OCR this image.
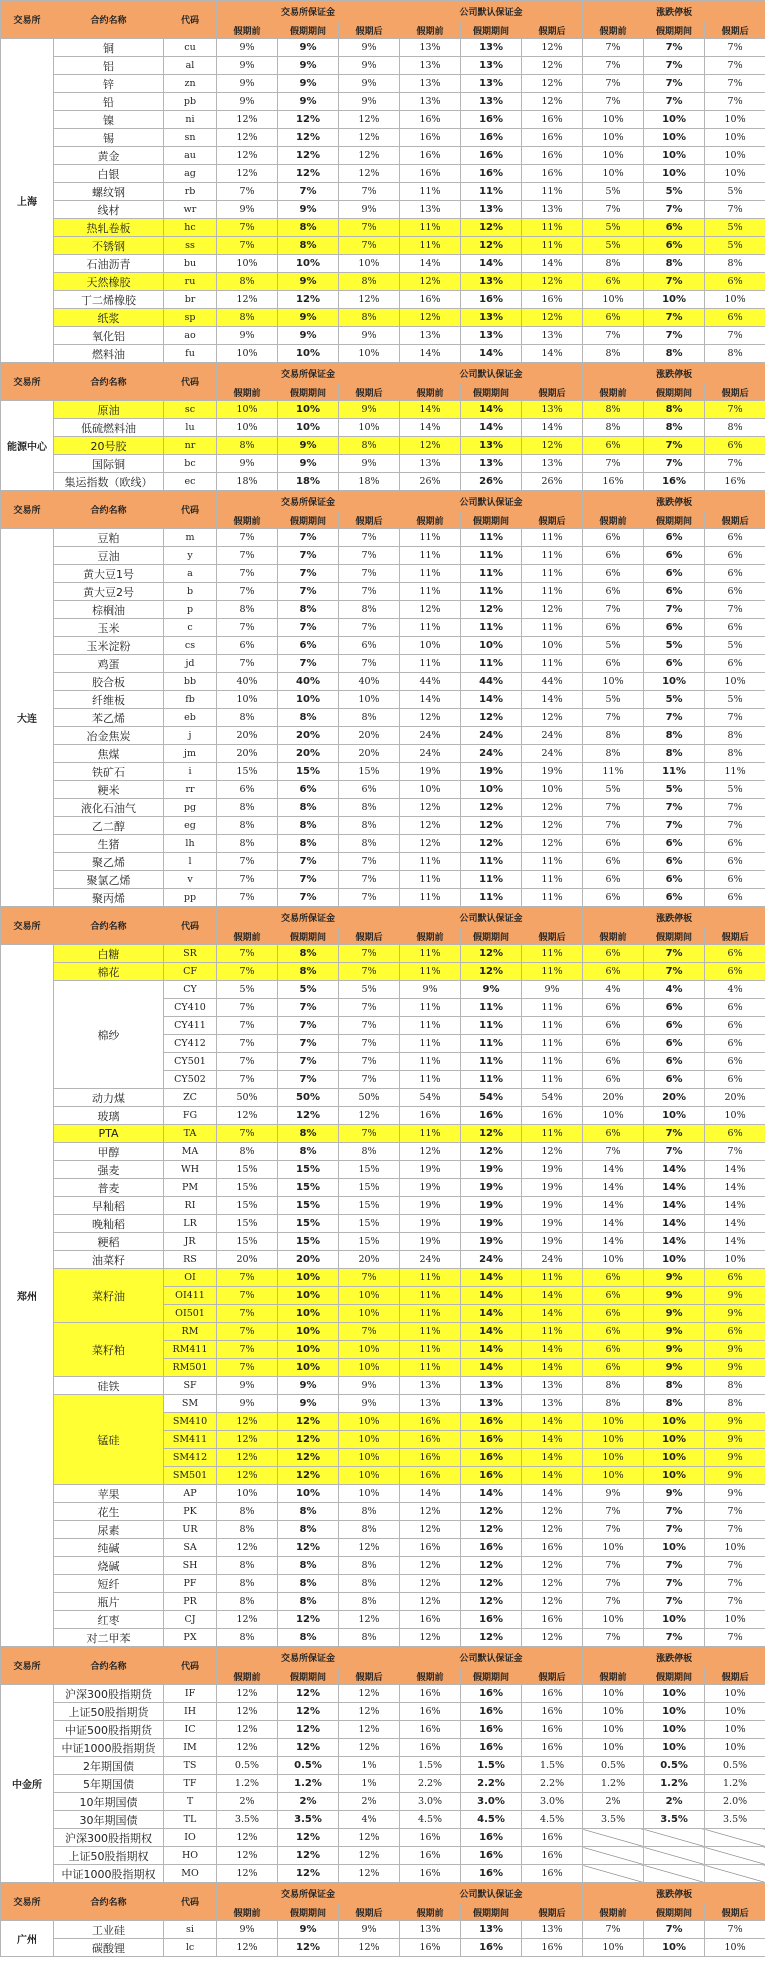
交易所	合约名称	代码	交易所保证金			公司默认保证金			涨跌停板		
			假期前	假期期间	假期后	假期前	假期期间	假期后	假期前	假期期间	假期后
上海	铜	cu	9%	9%	9%	13%	13%	12%	7%	7%	7%
	铝	al	9%	9%	9%	13%	13%	12%	7%	7%	7%
	锌	zn	9%	9%	9%	13%	13%	12%	7%	7%	7%
	铅	pb	9%	9%	9%	13%	13%	12%	7%	7%	7%
	镍	ni	12%	12%	12%	16%	16%	16%	10%	10%	10%
	锡	sn	12%	12%	12%	16%	16%	16%	10%	10%	10%
	黄金	au	12%	12%	12%	16%	16%	16%	10%	10%	10%
	白银	ag	12%	12%	12%	16%	16%	16%	10%	10%	10%
	螺纹钢	rb	7%	7%	7%	11%	11%	11%	5%	5%	5%
	线材	wr	9%	9%	9%	13%	13%	13%	7%	7%	7%
	热轧卷板	hc	7%	8%	7%	11%	12%	11%	5%	6%	5%
	不锈钢	ss	7%	8%	7%	11%	12%	11%	5%	6%	5%
	石油沥青	bu	10%	10%	10%	14%	14%	14%	8%	8%	8%
	天然橡胶	ru	8%	9%	8%	12%	13%	12%	6%	7%	6%
	丁二烯橡胶	br	12%	12%	12%	16%	16%	16%	10%	10%	10%
	纸浆	sp	8%	9%	8%	12%	13%	12%	6%	7%	6%
	氧化铝	ao	9%	9%	9%	13%	13%	13%	7%	7%	7%
	燃料油	fu	10%	10%	10%	14%	14%	14%	8%	8%	8%
交易所	合约名称	代码	交易所保证金			公司默认保证金			涨跌停板		
			假期前	假期期间	假期后	假期前	假期期间	假期后	假期前	假期期间	假期后
能源中心	原油	sc	10%	10%	9%	14%	14%	13%	8%	8%	7%
	低硫燃料油	lu	10%	10%	10%	14%	14%	14%	8%	8%	8%
	20号胶	nr	8%	9%	8%	12%	13%	12%	6%	7%	6%
	国际铜	bc	9%	9%	9%	13%	13%	13%	7%	7%	7%
	集运指数（欧线）	ec	18%	18%	18%	26%	26%	26%	16%	16%	16%
交易所	合约名称	代码	交易所保证金			公司默认保证金			涨跌停板		
			假期前	假期期间	假期后	假期前	假期期间	假期后	假期前	假期期间	假期后
大连	豆粕	m	7%	7%	7%	11%	11%	11%	6%	6%	6%
	豆油	y	7%	7%	7%	11%	11%	11%	6%	6%	6%
	黄大豆1号	a	7%	7%	7%	11%	11%	11%	6%	6%	6%
	黄大豆2号	b	7%	7%	7%	11%	11%	11%	6%	6%	6%
	棕榈油	p	8%	8%	8%	12%	12%	12%	7%	7%	7%
	玉米	c	7%	7%	7%	11%	11%	11%	6%	6%	6%
	玉米淀粉	cs	6%	6%	6%	10%	10%	10%	5%	5%	5%
	鸡蛋	jd	7%	7%	7%	11%	11%	11%	6%	6%	6%
	胶合板	bb	40%	40%	40%	44%	44%	44%	10%	10%	10%
	纤维板	fb	10%	10%	10%	14%	14%	14%	5%	5%	5%
	苯乙烯	eb	8%	8%	8%	12%	12%	12%	7%	7%	7%
	冶金焦炭	j	20%	20%	20%	24%	24%	24%	8%	8%	8%
	焦煤	jm	20%	20%	20%	24%	24%	24%	8%	8%	8%
	铁矿石	i	15%	15%	15%	19%	19%	19%	11%	11%	11%
	粳米	rr	6%	6%	6%	10%	10%	10%	5%	5%	5%
	液化石油气	pg	8%	8%	8%	12%	12%	12%	7%	7%	7%
	乙二醇	eg	8%	8%	8%	12%	12%	12%	7%	7%	7%
	生猪	lh	8%	8%	8%	12%	12%	12%	6%	6%	6%
	聚乙烯	l	7%	7%	7%	11%	11%	11%	6%	6%	6%
	聚氯乙烯	v	7%	7%	7%	11%	11%	11%	6%	6%	6%
	聚丙烯	pp	7%	7%	7%	11%	11%	11%	6%	6%	6%
交易所	合约名称	代码	交易所保证金			公司默认保证金			涨跌停板		
			假期前	假期期间	假期后	假期前	假期期间	假期后	假期前	假期期间	假期后
郑州	白糖	SR	7%	8%	7%	11%	12%	11%	6%	7%	6%
	棉花	CF	7%	8%	7%	11%	12%	11%	6%	7%	6%
	棉纱	CY	5%	5%	5%	9%	9%	9%	4%	4%	4%
		CY410	7%	7%	7%	11%	11%	11%	6%	6%	6%
		CY411	7%	7%	7%	11%	11%	11%	6%	6%	6%
		CY412	7%	7%	7%	11%	11%	11%	6%	6%	6%
		CY501	7%	7%	7%	11%	11%	11%	6%	6%	6%
		CY502	7%	7%	7%	11%	11%	11%	6%	6%	6%
	动力煤	ZC	50%	50%	50%	54%	54%	54%	20%	20%	20%
	玻璃	FG	12%	12%	12%	16%	16%	16%	10%	10%	10%
	PTA	TA	7%	8%	7%	11%	12%	11%	6%	7%	6%
	甲醇	MA	8%	8%	8%	12%	12%	12%	7%	7%	7%
	强麦	WH	15%	15%	15%	19%	19%	19%	14%	14%	14%
	普麦	PM	15%	15%	15%	19%	19%	19%	14%	14%	14%
	早籼稻	RI	15%	15%	15%	19%	19%	19%	14%	14%	14%
	晚籼稻	LR	15%	15%	15%	19%	19%	19%	14%	14%	14%
	粳稻	JR	15%	15%	15%	19%	19%	19%	14%	14%	14%
	油菜籽	RS	20%	20%	20%	24%	24%	24%	10%	10%	10%
	菜籽油	OI	7%	10%	7%	11%	14%	11%	6%	9%	6%
		OI411	7%	10%	10%	11%	14%	14%	6%	9%	9%
		OI501	7%	10%	10%	11%	14%	14%	6%	9%	9%
	菜籽粕	RM	7%	10%	7%	11%	14%	11%	6%	9%	6%
		RM411	7%	10%	10%	11%	14%	14%	6%	9%	9%
		RM501	7%	10%	10%	11%	14%	14%	6%	9%	9%
	硅铁	SF	9%	9%	9%	13%	13%	13%	8%	8%	8%
	锰硅	SM	9%	9%	9%	13%	13%	13%	8%	8%	8%
		SM410	12%	12%	10%	16%	16%	14%	10%	10%	9%
		SM411	12%	12%	10%	16%	16%	14%	10%	10%	9%
		SM412	12%	12%	10%	16%	16%	14%	10%	10%	9%
		SM501	12%	12%	10%	16%	16%	14%	10%	10%	9%
	苹果	AP	10%	10%	10%	14%	14%	14%	9%	9%	9%
	花生	PK	8%	8%	8%	12%	12%	12%	7%	7%	7%
	尿素	UR	8%	8%	8%	12%	12%	12%	7%	7%	7%
	纯碱	SA	12%	12%	12%	16%	16%	16%	10%	10%	10%
	烧碱	SH	8%	8%	8%	12%	12%	12%	7%	7%	7%
	短纤	PF	8%	8%	8%	12%	12%	12%	7%	7%	7%
	瓶片	PR	8%	8%	8%	12%	12%	12%	7%	7%	7%
	红枣	CJ	12%	12%	12%	16%	16%	16%	10%	10%	10%
	对二甲苯	PX	8%	8%	8%	12%	12%	12%	7%	7%	7%
交易所	合约名称	代码	交易所保证金			公司默认保证金			涨跌停板		
			假期前	假期期间	假期后	假期前	假期期间	假期后	假期前	假期期间	假期后
中金所	沪深300股指期货	IF	12%	12%	12%	16%	16%	16%	10%	10%	10%
	上证50股指期货	IH	12%	12%	12%	16%	16%	16%	10%	10%	10%
	中证500股指期货	IC	12%	12%	12%	16%	16%	16%	10%	10%	10%
	中证1000股指期货	IM	12%	12%	12%	16%	16%	16%	10%	10%	10%
	2年期国债	TS	0.5%	0.5%	1%	1.5%	1.5%	1.5%	0.5%	0.5%	0.5%
	5年期国债	TF	1.2%	1.2%	1%	2.2%	2.2%	2.2%	1.2%	1.2%	1.2%
	10年期国债	T	2%	2%	2%	3.0%	3.0%	3.0%	2%	2%	2.0%
	30年期国债	TL	3.5%	3.5%	4%	4.5%	4.5%	4.5%	3.5%	3.5%	3.5%
	沪深300股指期权	IO	12%	12%	12%	16%	16%	16%			
	上证50股指期权	HO	12%	12%	12%	16%	16%	16%			
	中证1000股指期权	MO	12%	12%	12%	16%	16%	16%			
交易所	合约名称	代码	交易所保证金			公司默认保证金			涨跌停板		
			假期前	假期期间	假期后	假期前	假期期间	假期后	假期前	假期期间	假期后
广州	工业硅	si	9%	9%	9%	13%	13%	13%	7%	7%	7%
	碳酸锂	lc	12%	12%	12%	16%	16%	16%	10%	10%	10%
